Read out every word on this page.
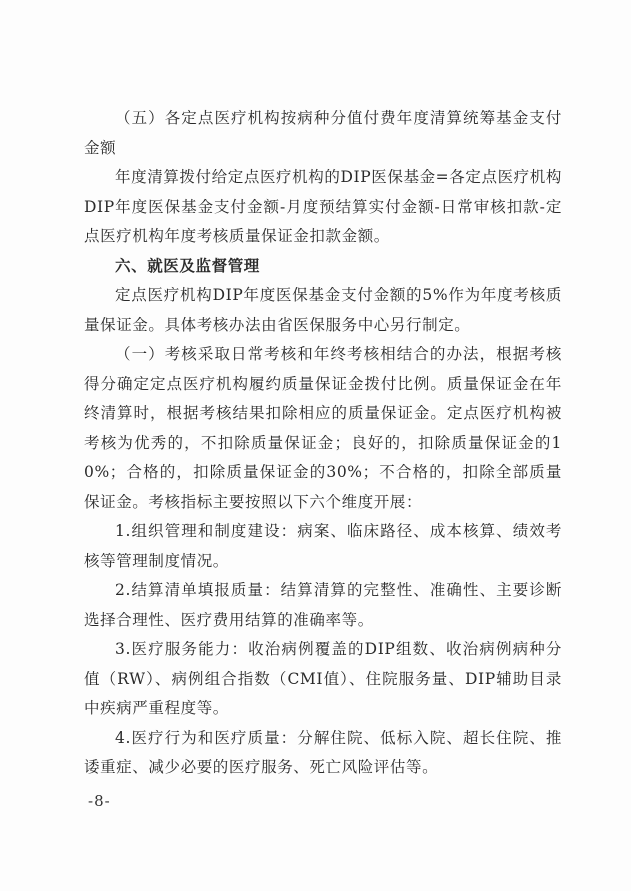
（五）各定点医疗机构按病种分值付费年度清算统筹基金支付金额

年度清算拨付给定点医疗机构的DIP医保基金=各定点医疗机构DIP年度医保基金支付金额-月度预结算实付金额-日常审核扣款-定点医疗机构年度考核质量保证金扣款金额。

六、就医及监督管理

定点医疗机构DIP年度医保基金支付金额的5%作为年度考核质量保证金。具体考核办法由省医保服务中心另行制定。

（一）考核采取日常考核和年终考核相结合的办法，根据考核得分确定定点医疗机构履约质量保证金拨付比例。质量保证金在年终清算时，根据考核结果扣除相应的质量保证金。定点医疗机构被考核为优秀的，不扣除质量保证金；良好的，扣除质量保证金的10%；合格的，扣除质量保证金的30%；不合格的，扣除全部质量保证金。考核指标主要按照以下六个维度开展：

1.组织管理和制度建设：病案、临床路径、成本核算、绩效考核等管理制度情况。

2.结算清单填报质量：结算清算的完整性、准确性、主要诊断选择合理性、医疗费用结算的准确率等。

3.医疗服务能力：收治病例覆盖的DIP组数、收治病例病种分值（RW）、病例组合指数（CMI值）、住院服务量、DIP辅助目录中疾病严重程度等。

4.医疗行为和医疗质量：分解住院、低标入院、超长住院、推诿重症、减少必要的医疗服务、死亡风险评估等。

-8-
